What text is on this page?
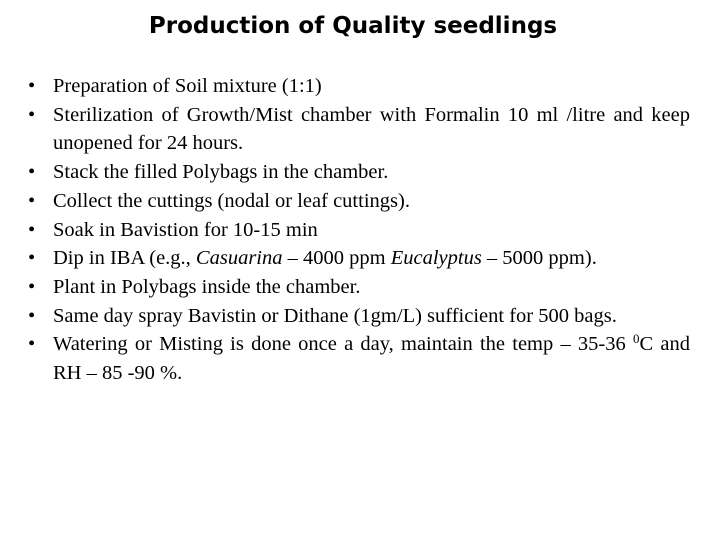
Production of Quality seedlings
• Preparation of Soil mixture (1:1)
• Sterilization of Growth/Mist chamber with Formalin 10 ml /litre and keep unopened for 24 hours.
• Stack the filled Polybags in the chamber.
• Collect the cuttings (nodal or leaf cuttings).
• Soak in Bavistion for 10-15 min
• Dip in IBA (e.g., Casuarina – 4000 ppm Eucalyptus – 5000 ppm).
• Plant in Polybags inside the chamber.
• Same day spray Bavistin or Dithane (1gm/L) sufficient for 500 bags.
• Watering or Misting is done once a day, maintain the temp – 35-36 $^0$C and RH – 85 -90 %.
